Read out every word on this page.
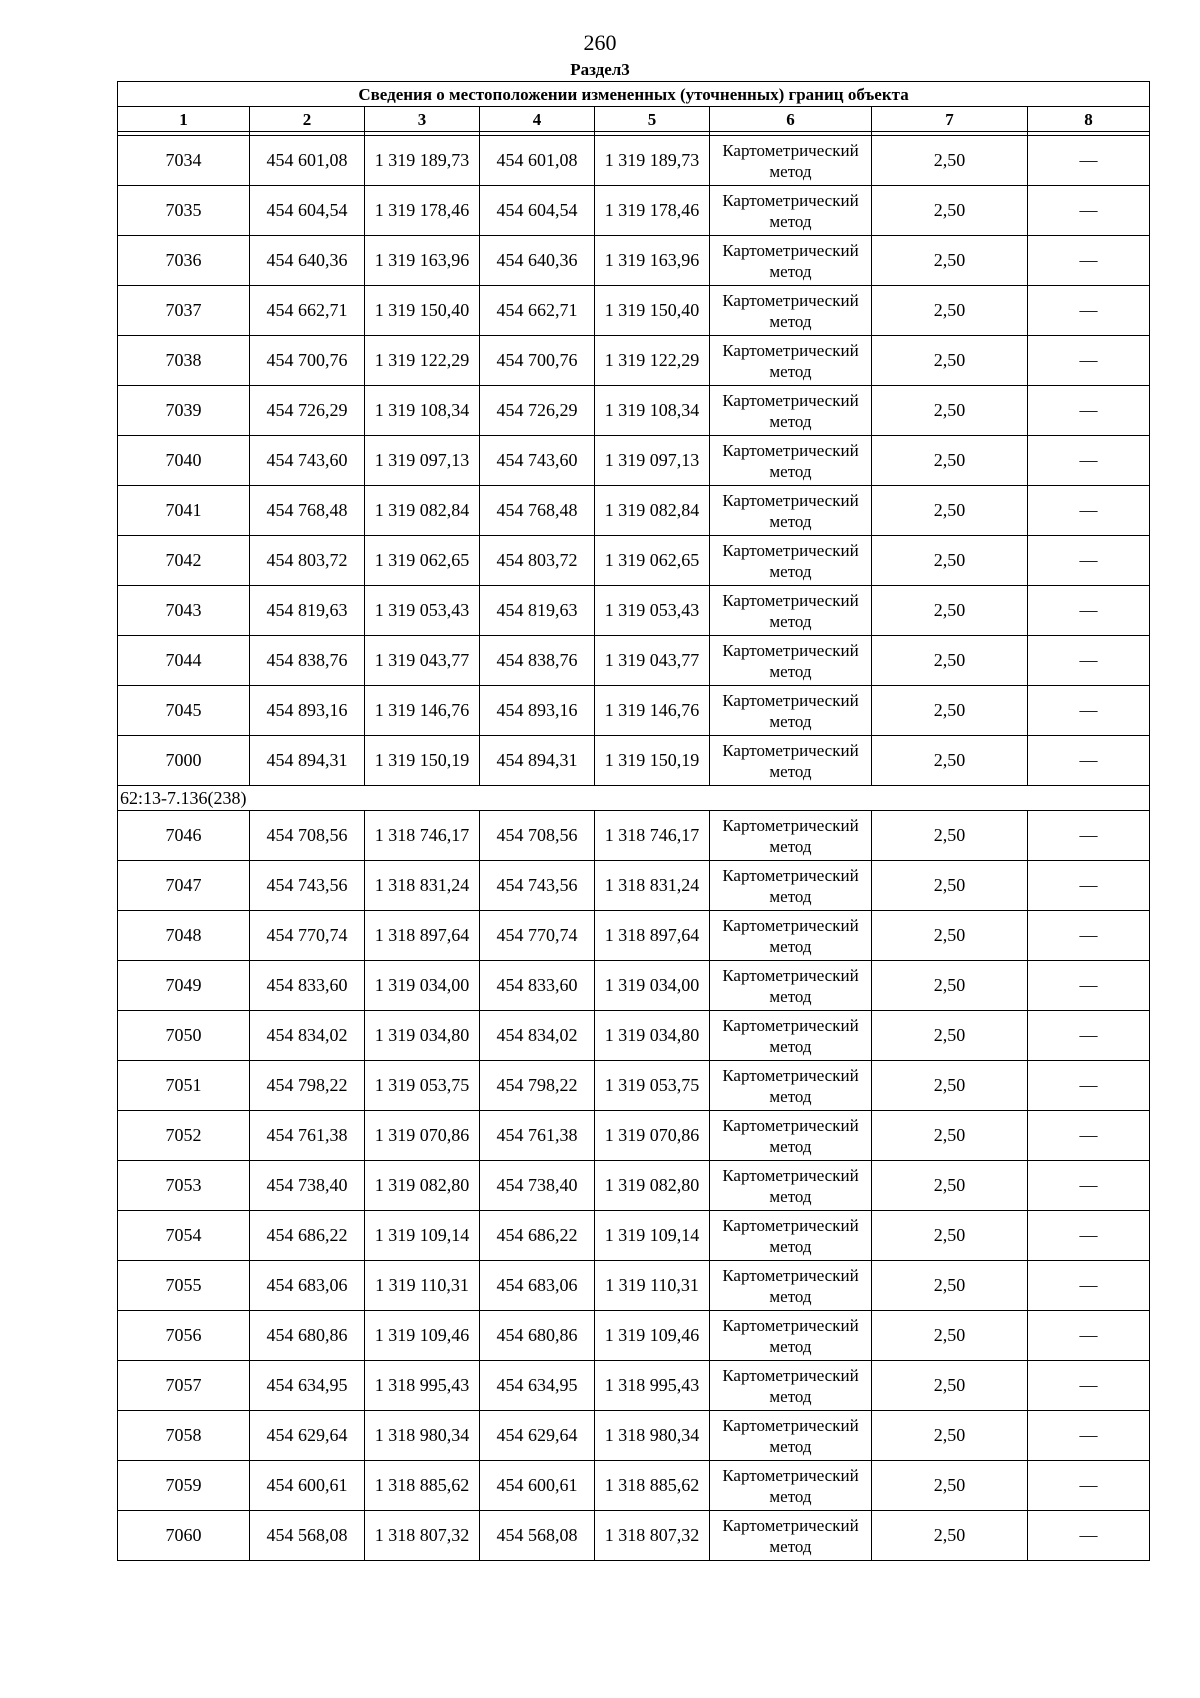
260
Раздел3
Сведения о местоположении измененных (уточненных) границ объекта							
1	2	3	4	5	6	7	8

7034	454 601,08	1 319 189,73	454 601,08	1 319 189,73	Картометрический метод	2,50	—
7035	454 604,54	1 319 178,46	454 604,54	1 319 178,46	Картометрический метод	2,50	—
7036	454 640,36	1 319 163,96	454 640,36	1 319 163,96	Картометрический метод	2,50	—
7037	454 662,71	1 319 150,40	454 662,71	1 319 150,40	Картометрический метод	2,50	—
7038	454 700,76	1 319 122,29	454 700,76	1 319 122,29	Картометрический метод	2,50	—
7039	454 726,29	1 319 108,34	454 726,29	1 319 108,34	Картометрический метод	2,50	—
7040	454 743,60	1 319 097,13	454 743,60	1 319 097,13	Картометрический метод	2,50	—
7041	454 768,48	1 319 082,84	454 768,48	1 319 082,84	Картометрический метод	2,50	—
7042	454 803,72	1 319 062,65	454 803,72	1 319 062,65	Картометрический метод	2,50	—
7043	454 819,63	1 319 053,43	454 819,63	1 319 053,43	Картометрический метод	2,50	—
7044	454 838,76	1 319 043,77	454 838,76	1 319 043,77	Картометрический метод	2,50	—
7045	454 893,16	1 319 146,76	454 893,16	1 319 146,76	Картометрический метод	2,50	—
7000	454 894,31	1 319 150,19	454 894,31	1 319 150,19	Картометрический метод	2,50	—
62:13-7.136(238)							
7046	454 708,56	1 318 746,17	454 708,56	1 318 746,17	Картометрический метод	2,50	—
7047	454 743,56	1 318 831,24	454 743,56	1 318 831,24	Картометрический метод	2,50	—
7048	454 770,74	1 318 897,64	454 770,74	1 318 897,64	Картометрический метод	2,50	—
7049	454 833,60	1 319 034,00	454 833,60	1 319 034,00	Картометрический метод	2,50	—
7050	454 834,02	1 319 034,80	454 834,02	1 319 034,80	Картометрический метод	2,50	—
7051	454 798,22	1 319 053,75	454 798,22	1 319 053,75	Картометрический метод	2,50	—
7052	454 761,38	1 319 070,86	454 761,38	1 319 070,86	Картометрический метод	2,50	—
7053	454 738,40	1 319 082,80	454 738,40	1 319 082,80	Картометрический метод	2,50	—
7054	454 686,22	1 319 109,14	454 686,22	1 319 109,14	Картометрический метод	2,50	—
7055	454 683,06	1 319 110,31	454 683,06	1 319 110,31	Картометрический метод	2,50	—
7056	454 680,86	1 319 109,46	454 680,86	1 319 109,46	Картометрический метод	2,50	—
7057	454 634,95	1 318 995,43	454 634,95	1 318 995,43	Картометрический метод	2,50	—
7058	454 629,64	1 318 980,34	454 629,64	1 318 980,34	Картометрический метод	2,50	—
7059	454 600,61	1 318 885,62	454 600,61	1 318 885,62	Картометрический метод	2,50	—
7060	454 568,08	1 318 807,32	454 568,08	1 318 807,32	Картометрический метод	2,50	—
